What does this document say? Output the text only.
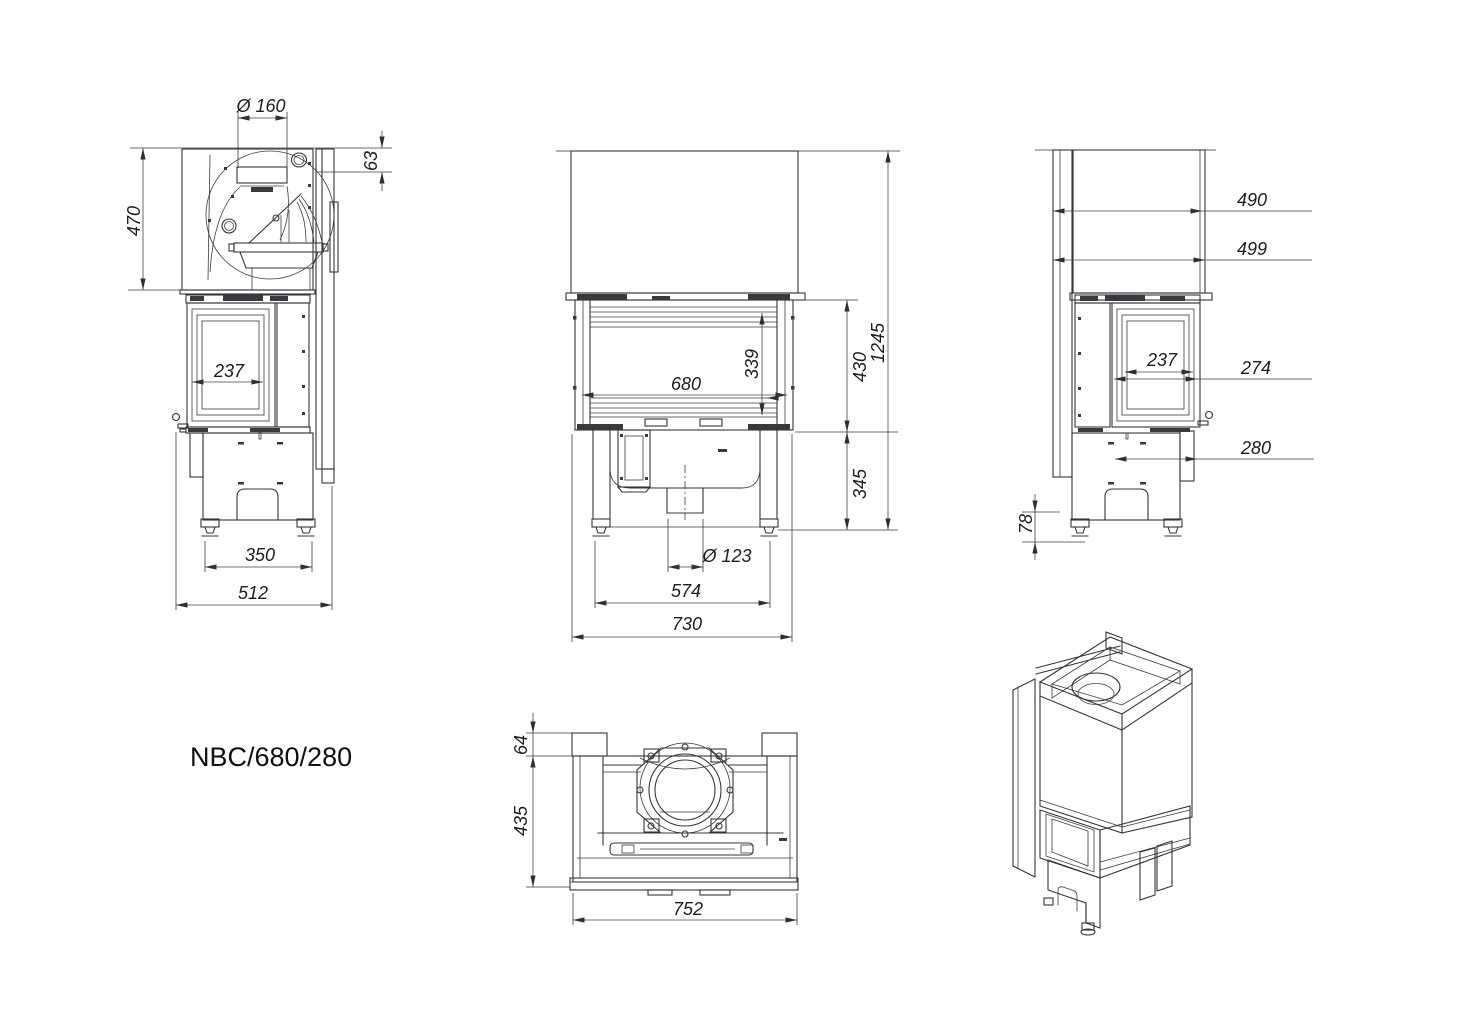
Ø 160
63
470
237
350
512
680
339	430
1245
345
Ø 123
574
730
490
499
237	274
280
78
64
435
752
NBC/680/280
